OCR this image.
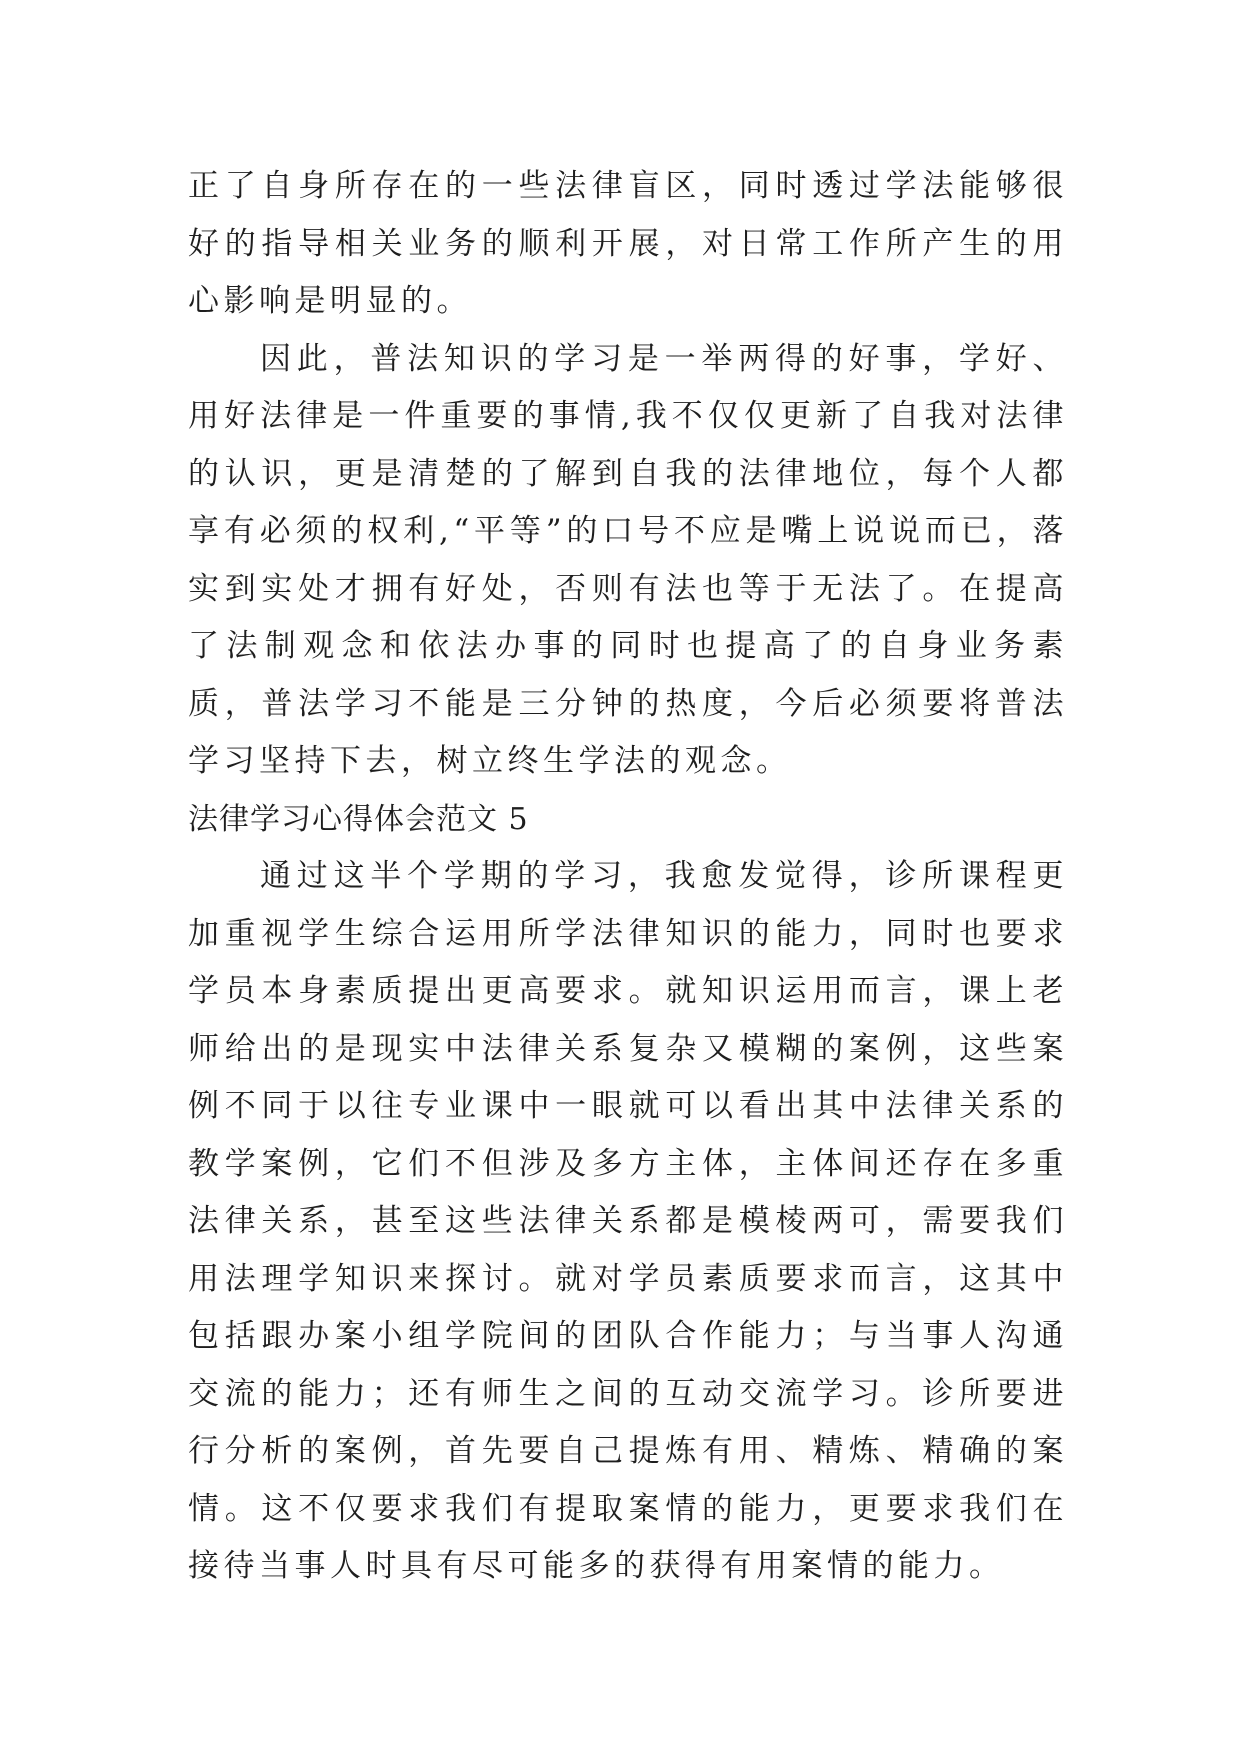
正了自身所存在的一些法律盲区，同时透过学法能够很好的指导相关业务的顺利开展，对日常工作所产生的用心影响是明显的。

因此，普法知识的学习是一举两得的好事，学好、用好法律是一件重要的事情,我不仅仅更新了自我对法律的认识，更是清楚的了解到自我的法律地位，每个人都享有必须的权利,“平等”的口号不应是嘴上说说而已，落实到实处才拥有好处，否则有法也等于无法了。在提高了法制观念和依法办事的同时也提高了的自身业务素质，普法学习不能是三分钟的热度，今后必须要将普法学习坚持下去，树立终生学法的观念。

法律学习心得体会范文 5

通过这半个学期的学习，我愈发觉得，诊所课程更加重视学生综合运用所学法律知识的能力，同时也要求学员本身素质提出更高要求。就知识运用而言，课上老师给出的是现实中法律关系复杂又模糊的案例，这些案例不同于以往专业课中一眼就可以看出其中法律关系的教学案例，它们不但涉及多方主体，主体间还存在多重法律关系，甚至这些法律关系都是模棱两可，需要我们用法理学知识来探讨。就对学员素质要求而言，这其中包括跟办案小组学院间的团队合作能力；与当事人沟通交流的能力；还有师生之间的互动交流学习。诊所要进行分析的案例，首先要自己提炼有用、精炼、精确的案情。这不仅要求我们有提取案情的能力，更要求我们在接待当事人时具有尽可能多的获得有用案情的能力。
